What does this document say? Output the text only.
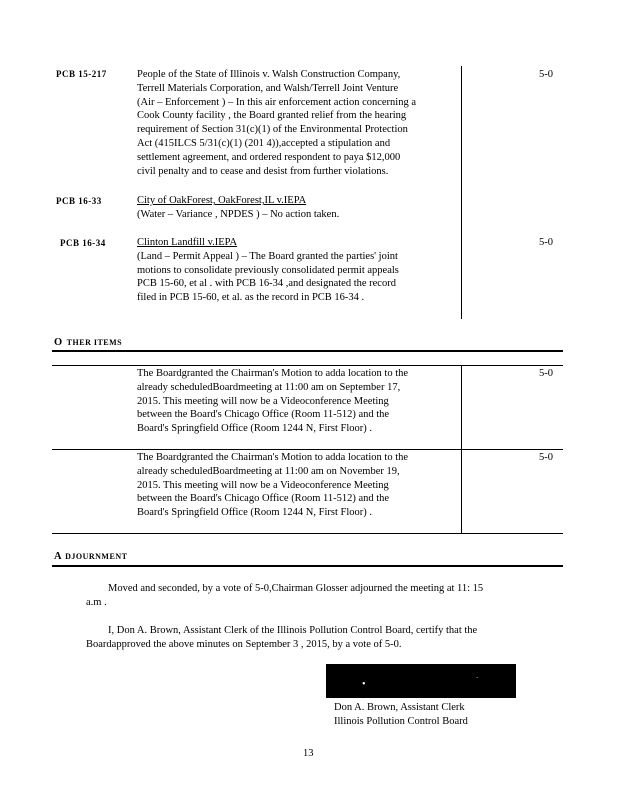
PCB 15-217	People of the State of Illinois v. Walsh Construction Company,
Terrell Materials Corporation, and Walsh/Terrell Joint Venture
(Air – Enforcement ) – In this air enforcement action concerning a
Cook County facility , the Board granted relief from the hearing
requirement of Section 31(c)(1) of the Environmental Protection
Act (415ILCS 5/31(c)(1) (201 4)),accepted a stipulation and
settlement agreement, and ordered respondent to paya $12,000
civil penalty and to cease and desist from further violations.
5-0
PCB 16-33	City of OakForest, OakForest,IL v.IEPA
(Water – Variance , NPDES ) – No action taken.
PCB 16-34	Clinton Landfill v.IEPA
(Land – Permit Appeal ) – The Board granted the parties' joint
motions to consolidate previously consolidated permit appeals
PCB 15-60, et al . with PCB 16-34 ,and designated the record
filed in PCB 15-60, et al. as the record in PCB 16-34 .
5-0
O THER ITEMS
The Boardgranted the Chairman's Motion to adda location to the
already scheduledBoardmeeting at 11:00 am on September 17,
2015. This meeting will now be a Videoconference Meeting
between the Board's Chicago Office (Room 11-512) and the
Board's Springfield Office (Room 1244 N, First Floor) .
5-0
The Boardgranted the Chairman's Motion to adda location to the
already scheduledBoardmeeting at 11:00 am on November 19,
2015. This meeting will now be a Videoconference Meeting
between the Board's Chicago Office (Room 11-512) and the
Board's Springfield Office (Room 1244 N, First Floor) .
5-0
A DJOURNMENT
Moved and seconded, by a vote of 5-0,Chairman Glosser adjourned the meeting at 11: 15
a.m .
I, Don A. Brown, Assistant Clerk of the Illinois Pollution Control Board, certify that the
Boardapproved the above minutes on September 3 , 2015, by a vote of 5-0.
•	ˋ
Don A. Brown, Assistant Clerk
Illinois Pollution Control Board
13
